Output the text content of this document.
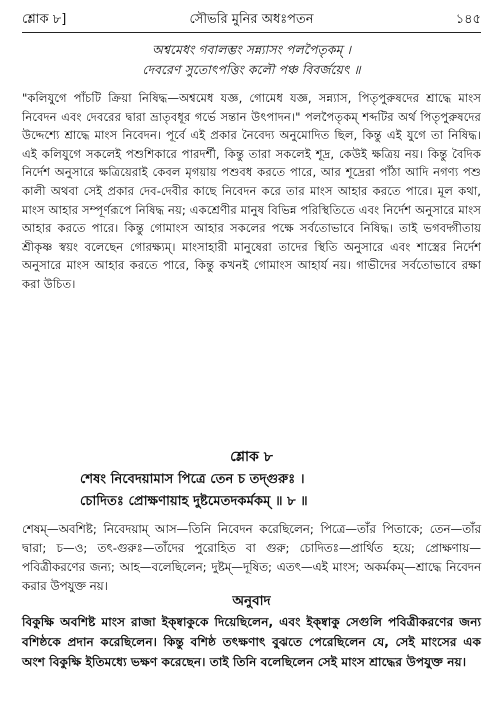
শ্লোক ৮]	সৌভরি মুনির অধঃপতন	১৪৫
অশ্বমেধং গবালম্ভং সন্ন্যাসং পলপৈতৃকম্ ।
দেবরেণ সুতোৎপত্তিং কলৌ পঞ্চ বিবর্জয়েৎ ॥

"কলিযুগে পাঁচটি ক্রিয়া নিষিদ্ধ—অশ্বমেধ যজ্ঞ, গোমেধ যজ্ঞ, সন্ন্যাস, পিতৃপুরুষদের শ্রাদ্ধে মাংস নিবেদন এবং দেবরের দ্বারা ভ্রাতৃবধূর গর্ভে সন্তান উৎপাদন।" পলপৈতৃকম্ শব্দটির অর্থ পিতৃপুরুষদের উদ্দেশ্যে শ্রাদ্ধে মাংস নিবেদন। পূর্বে এই প্রকার নৈবেদ্য অনুমোদিত ছিল, কিন্তু এই যুগে তা নিষিদ্ধ। এই কলিযুগে সকলেই পশুশিকারে পারদর্শী, কিন্তু তারা সকলেই শূদ্র, কেউই ক্ষত্রিয় নয়। কিন্তু বৈদিক নির্দেশ অনুসারে ক্ষত্রিয়েরাই কেবল মৃগয়ায় পশুবধ করতে পারে, আর শূদ্রেরা পাঁঠা আদি নগণ্য পশু কালী অথবা সেই প্রকার দেব-দেবীর কাছে নিবেদন করে তার মাংস আহার করতে পারে। মূল কথা, মাংস আহার সম্পূর্ণরূপে নিষিদ্ধ নয়; একশ্রেণীর মানুষ বিভিন্ন পরিস্থিতিতে এবং নির্দেশ অনুসারে মাংস আহার করতে পারে। কিন্তু গোমাংস আহার সকলের পক্ষে সর্বতোভাবে নিষিদ্ধ। তাই ভগবদ্গীতায় শ্রীকৃষ্ণ স্বয়ং বলেছেন গোরক্ষ্যম্। মাংসাহারী মানুষেরা তাদের স্থিতি অনুসারে এবং শাস্ত্রের নির্দেশ অনুসারে মাংস আহার করতে পারে, কিন্তু কখনই গোমাংস আহার্য নয়। গাভীদের সর্বতোভাবে রক্ষা করা উচিত।

শ্লোক ৮
শেষং নিবেদয়ামাস পিত্রে তেন চ তদ্‌গুরুঃ ।
চোদিতঃ প্রোক্ষণায়াহ দুষ্টমেতদকর্মকম্ ॥ ৮ ॥

শেষম্—অবশিষ্ট; নিবেদয়াম্ আস—তিনি নিবেদন করেছিলেন; পিত্রে—তাঁর পিতাকে; তেন—তাঁর দ্বারা; চ—ও; তৎ-গুরুঃ—তাঁদের পুরোহিত বা গুরু; চোদিতঃ—প্রার্থিত হয়ে; প্রোক্ষণায়—পবিত্রীকরণের জন্য; আহ—বলেছিলেন; দুষ্টম্—দূষিত; এতৎ—এই মাংস; অকর্মকম্—শ্রাদ্ধে নিবেদন করার উপযুক্ত নয়।

অনুবাদ

বিকুক্ষি অবশিষ্ট মাংস রাজা ইক্ষ্বাকুকে দিয়েছিলেন, এবং ইক্ষ্বাকু সেগুলি পবিত্রীকরণের জন্য বশিষ্ঠকে প্রদান করেছিলেন। কিন্তু বশিষ্ঠ তৎক্ষণাৎ বুঝতে পেরেছিলেন যে, সেই মাংসের এক অংশ বিকুক্ষি ইতিমধ্যে ভক্ষণ করেছেন। তাই তিনি বলেছিলেন সেই মাংস শ্রাদ্ধের উপযুক্ত নয়।
